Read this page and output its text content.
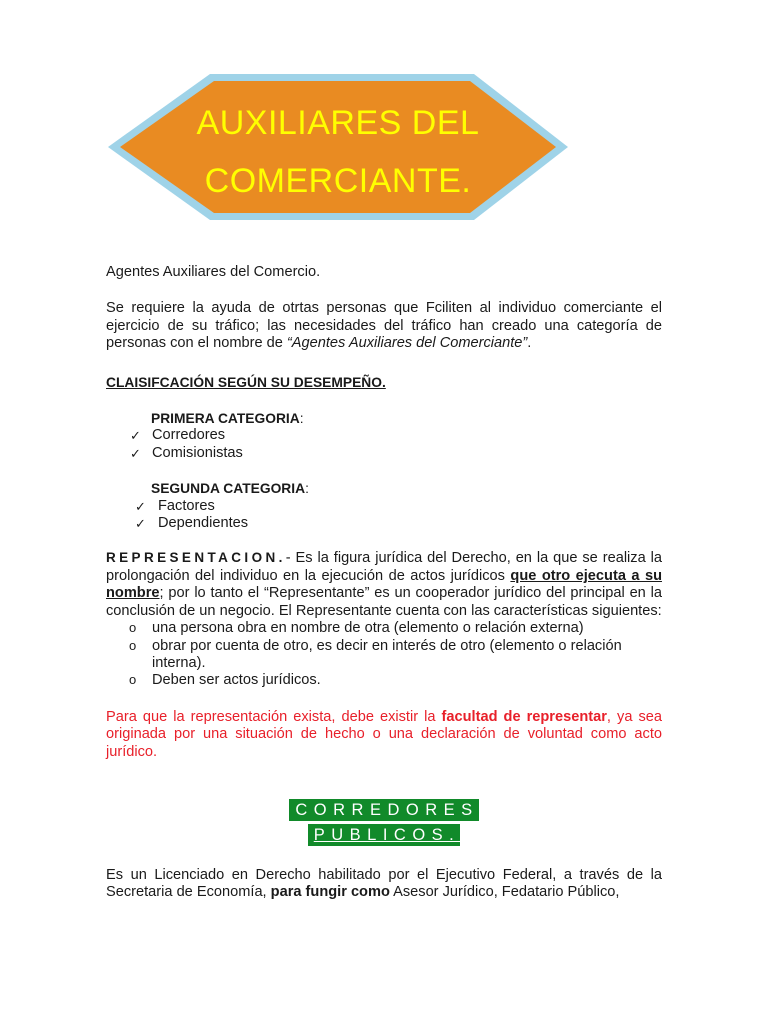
AUXILIARES DEL
COMERCIANTE.

Agentes Auxiliares del Comercio.

Se requiere la ayuda de otrtas personas que Fciliten al individuo comerciante el ejercicio de su tráfico; las necesidades del tráfico han creado una categoría de personas con el nombre de “Agentes Auxiliares del Comerciante”.

CLAISIFCACIÓN SEGÚN SU DESEMPEÑO.

PRIMERA CATEGORIA:

✓ Corredores
✓ Comisionistas

SEGUNDA CATEGORIA:

✓ Factores
✓ Dependientes

REPRESENTACION.- Es la figura jurídica del Derecho, en la que se realiza la prolongación del individuo en la ejecución de actos jurídicos que otro ejecuta a su nombre; por lo tanto el “Representante” es un cooperador jurídico del principal en la conclusión de un negocio. El Representante cuenta con las características siguientes:

o una persona obra en nombre de otra (elemento o relación externa)
o obrar por cuenta de otro, es decir en interés de otro (elemento o relación interna).
o Deben ser actos jurídicos.

Para que la representación exista, debe existir la facultad de representar, ya sea originada por una situación de hecho o una declaración de voluntad como acto jurídico.

CORREDORES
PUBLICOS.

Es un Licenciado en Derecho habilitado por el Ejecutivo Federal, a través de la Secretaria de Economía, para fungir como Asesor Jurídico, Fedatario Público,
